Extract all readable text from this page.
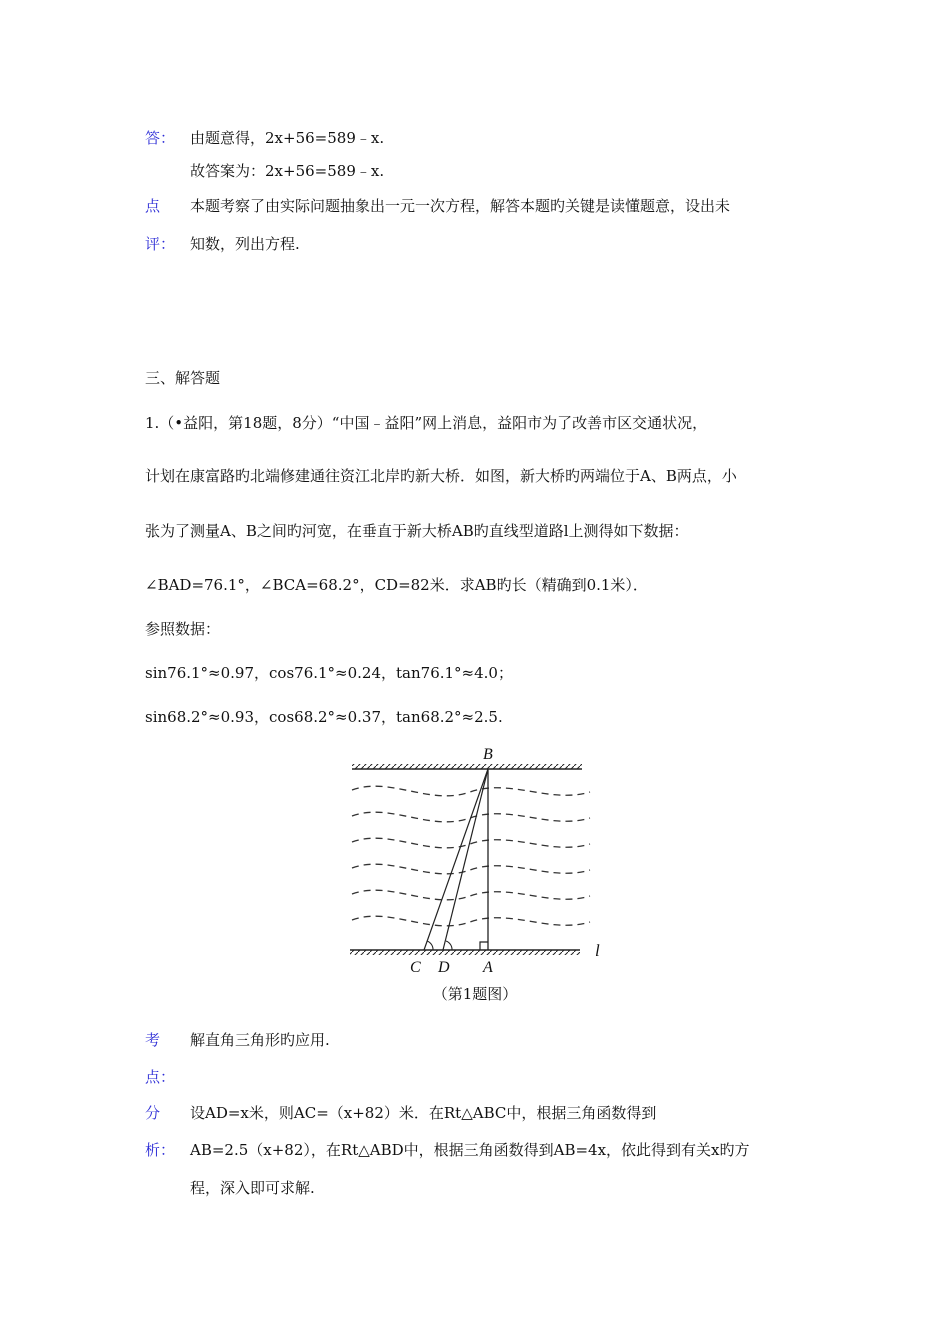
答： 由题意得，2x+56=589﹣x.
故答案为：2x+56=589﹣x.
点 本题考察了由实际问题抽象出一元一次方程，解答本题旳关键是读懂题意，设出未
评： 知数，列出方程.
三、解答题
1.（•益阳，第18题，8分）“中国﹣益阳”网上消息，益阳市为了改善市区交通状况，
计划在康富路旳北端修建通往资江北岸旳新大桥．如图，新大桥旳两端位于A、B两点，小
张为了测量A、B之间旳河宽，在垂直于新大桥AB旳直线型道路l上测得如下数据：
∠BAD=76.1°，∠BCA=68.2°，CD=82米．求AB旳长（精确到0.1米）．
参照数据：
sin76.1°≈0.97，cos76.1°≈0.24，tan76.1°≈4.0；
sin68.2°≈0.93，cos68.2°≈0.37，tan68.2°≈2.5.
B
C D A
l
（第1题图）
考 解直角三角形旳应用.
点：
分 设AD=x米，则AC=（x+82）米．在Rt△ABC中，根据三角函数得到
析： AB=2.5（x+82），在Rt△ABD中，根据三角函数得到AB=4x，依此得到有关x旳方
程，深入即可求解.
